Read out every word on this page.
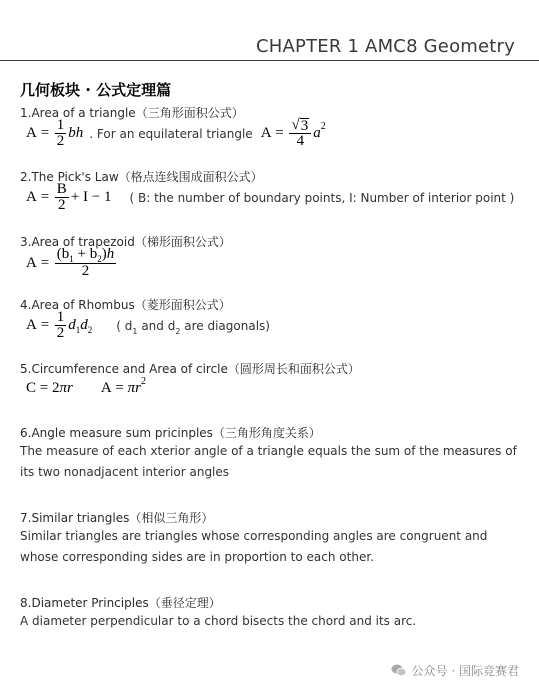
CHAPTER 1 AMC8 Geometry
几何板块 · 公式定理篇
1.Area of a triangle（三角形面积公式）
$A = \frac{1}{2}$ bh . For an equilateral triangle $A = \frac{√ 3}{4}$ a 2
2.The Pick's Law（格点连线围成面积公式）
$A = \frac{B}{2} + I - 1$ ( B: the number of boundary points, I: Number of interior point )
3.Area of trapezoid（梯形面积公式）
$A = \frac{(b_1 + b_2)h}{2}$
4.Area of Rhombus（菱形面积公式）
$A = \frac{1}{2}$ d 1 d 2 ( $d_1$ and $d_2$ are diagonals)
5.Circumference and Area of circle（圆形周长和面积公式）
C = 2πr A = πr 2
6.Angle measure sum pricinples（三角形角度关系）
The measure of each xterior angle of a triangle equals the sum of the measures of its two nonadjacent interior angles
7.Similar triangles（相似三角形）
Similar triangles are triangles whose corresponding angles are congruent and whose corresponding sides are in proportion to each other.
8.Diameter Principles（垂径定理）
A diameter perpendicular to a chord bisects the chord and its arc.
公众号 · 国际竞赛君
